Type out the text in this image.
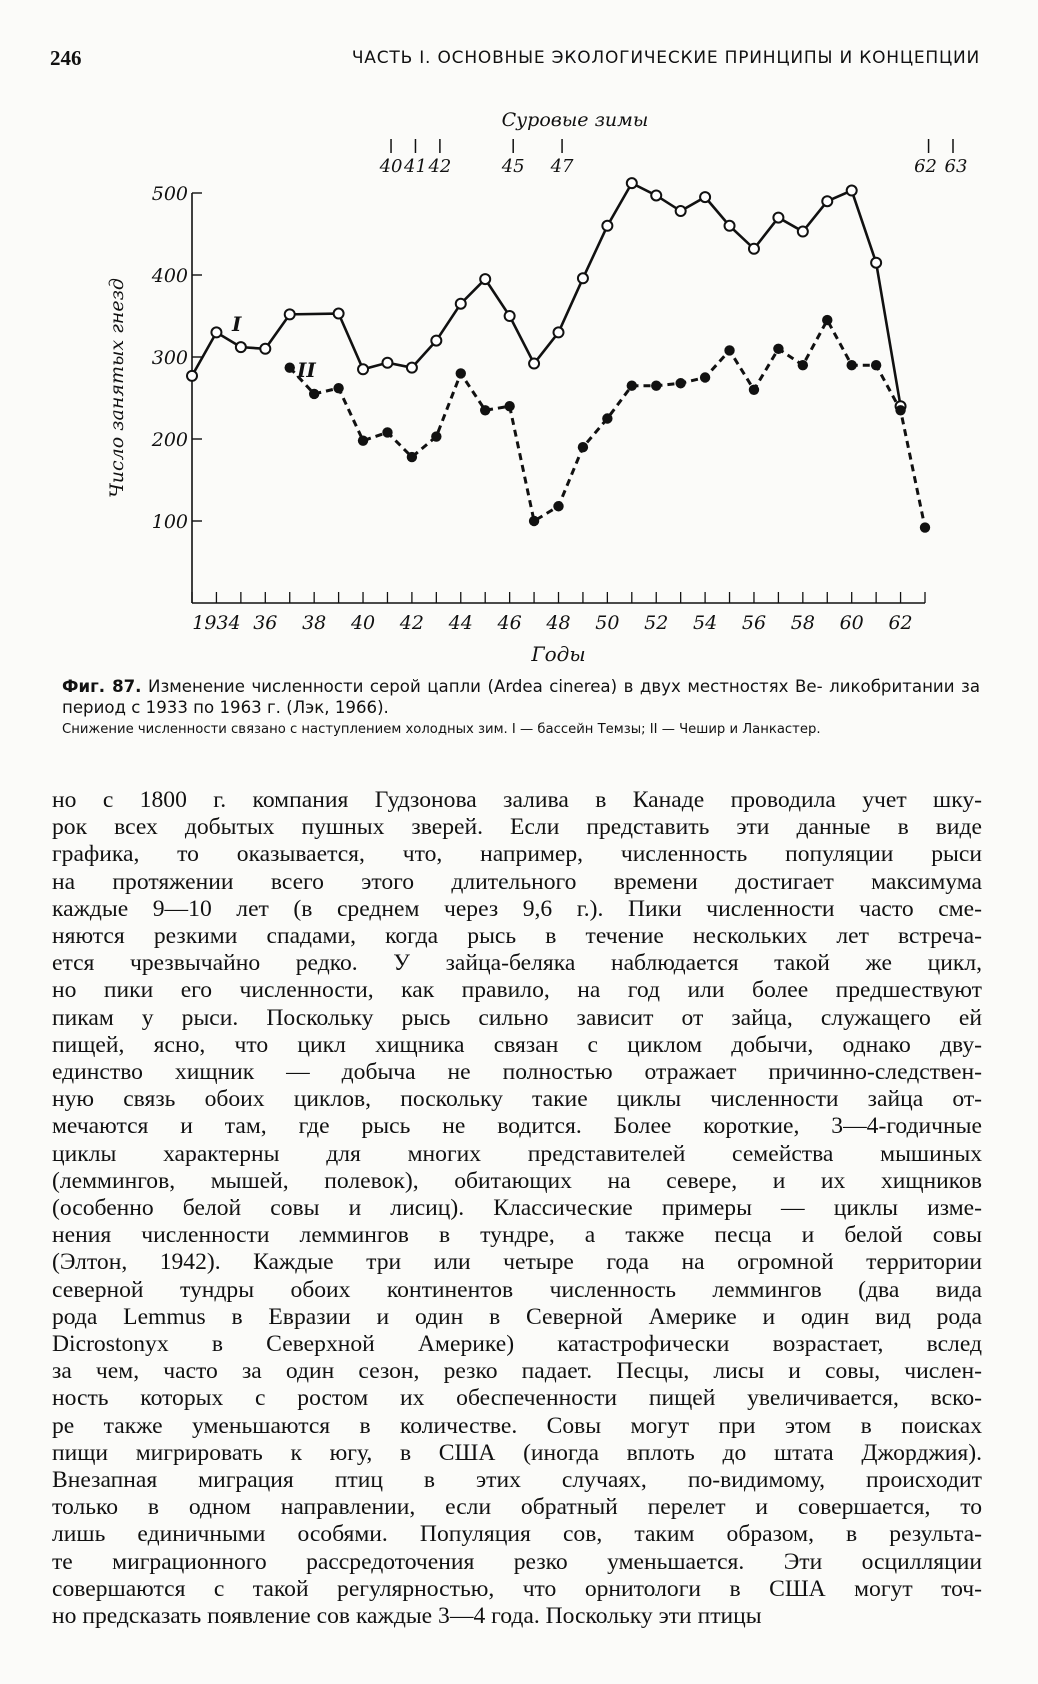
246	ЧАСТЬ I. ОСНОВНЫЕ ЭКОЛОГИЧЕСКИЕ ПРИНЦИПЫ И КОНЦЕПЦИИ
100
200
300
400
500
1934 36 38 40 42 44 46 48 50 52 54 56 58 60 62
Годы
Число занятых гнезд
Суровые зимы
40 41 42	45 47	62 63
I
II
Фиг. 87. Изменение численности серой цапли (Ardea cinerea) в двух местностях Ве- ликобритании за период с 1933 по 1963 г. (Лэк, 1966).
Снижение численности связано с наступлением холодных зим. I — бассейн Темзы; II — Чешир и Ланкастер.
но с 1800 г. компания Гудзонова залива в Канаде проводила учет шку-
рок всех добытых пушных зверей. Если представить эти данные в виде
графика, то оказывается, что, например, численность популяции рыси
на протяжении всего этого длительного времени достигает максимума
каждые 9—10 лет (в среднем через 9,6 г.). Пики численности часто сме-
няются резкими спадами, когда рысь в течение нескольких лет встреча-
ется чрезвычайно редко. У зайца-беляка наблюдается такой же цикл,
но пики его численности, как правило, на год или более предшествуют
пикам у рыси. Поскольку рысь сильно зависит от зайца, служащего ей
пищей, ясно, что цикл хищника связан с циклом добычи, однако дву-
единство хищник — добыча не полностью отражает причинно-следствен-
ную связь обоих циклов, поскольку такие циклы численности зайца от-
мечаются и там, где рысь не водится. Более короткие, 3—4-годичные
циклы характерны для многих представителей семейства мышиных
(леммингов, мышей, полевок), обитающих на севере, и их хищников
(особенно белой совы и лисиц). Классические примеры — циклы изме-
нения численности леммингов в тундре, а также песца и белой совы
(Элтон, 1942). Каждые три или четыре года на огромной территории
северной тундры обоих континентов численность леммингов (два вида
рода Lemmus в Евразии и один в Северной Америке и один вид рода
Dicrostonyx в Северхной Америке) катастрофически возрастает, вслед
за чем, часто за один сезон, резко падает. Песцы, лисы и совы, числен-
ность которых с ростом их обеспеченности пищей увеличивается, вско-
ре также уменьшаются в количестве. Совы могут при этом в поисках
пищи мигрировать к югу, в США (иногда вплоть до штата Джорджия).
Внезапная миграция птиц в этих случаях, по-видимому, происходит
только в одном направлении, если обратный перелет и совершается, то
лишь единичными особями. Популяция сов, таким образом, в результа-
те миграционного рассредоточения резко уменьшается. Эти осцилляции
совершаются с такой регулярностью, что орнитологи в США могут точ-
но предсказать появление сов каждые 3—4 года. Поскольку эти птицы
